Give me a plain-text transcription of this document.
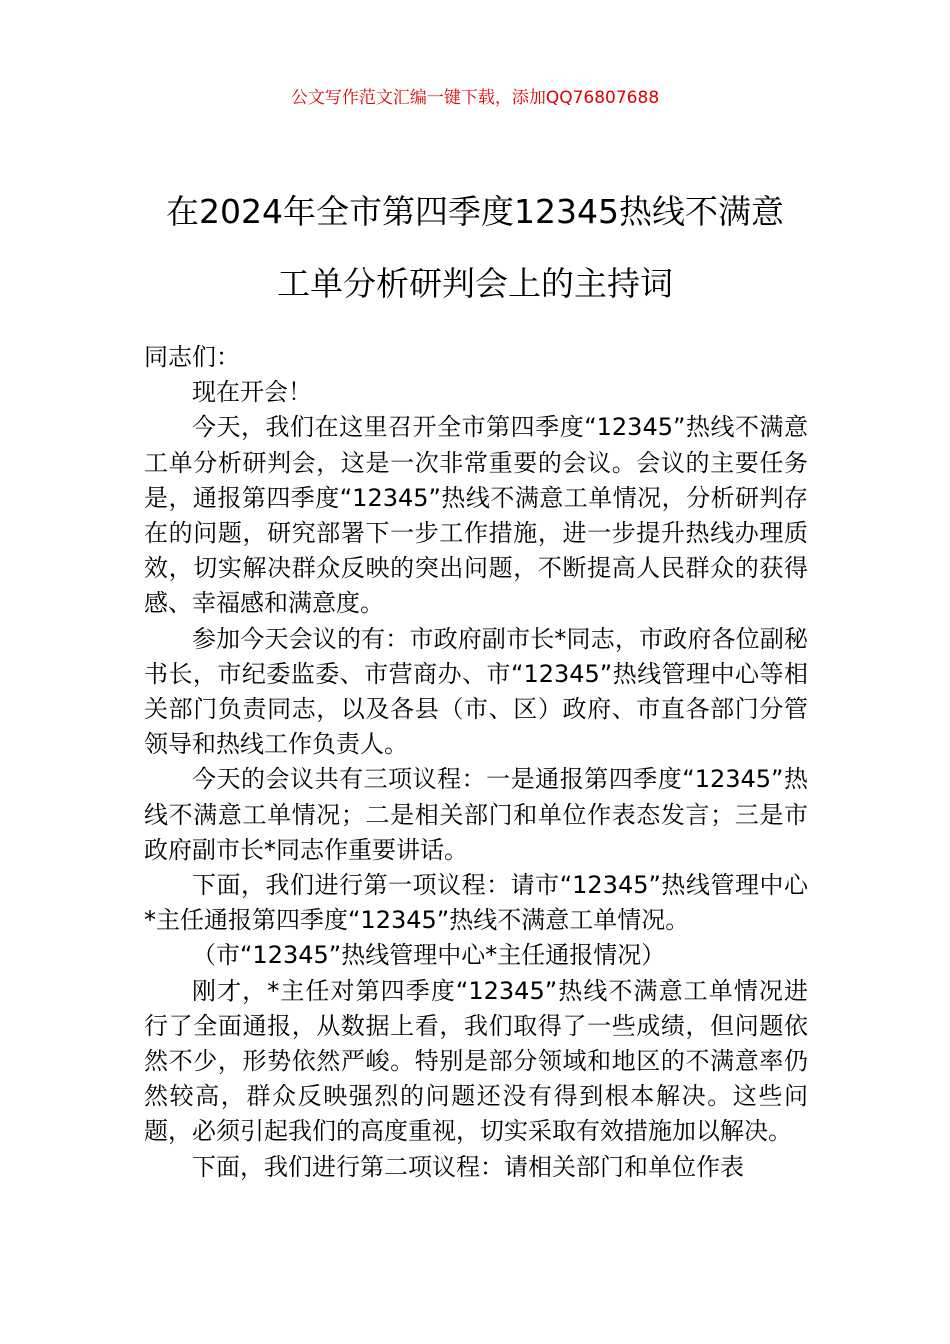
公文写作范文汇编一键下载，添加QQ76807688
在2024年全市第四季度12345热线不满意
工单分析研判会上的主持词

同志们：

现在开会！

今天，我们在这里召开全市第四季度“12345”热线不满意工单分析研判会，这是一次非常重要的会议。会议的主要任务是，通报第四季度“12345”热线不满意工单情况，分析研判存在的问题，研究部署下一步工作措施，进一步提升热线办理质效，切实解决群众反映的突出问题，不断提高人民群众的获得感、幸福感和满意度。

参加今天会议的有：市政府副市长*同志，市政府各位副秘书长，市纪委监委、市营商办、市“12345”热线管理中心等相关部门负责同志，以及各县（市、区）政府、市直各部门分管领导和热线工作负责人。

今天的会议共有三项议程：一是通报第四季度“12345”热线不满意工单情况；二是相关部门和单位作表态发言；三是市政府副市长*同志作重要讲话。

下面，我们进行第一项议程：请市“12345”热线管理中心*主任通报第四季度“12345”热线不满意工单情况。

（市“12345”热线管理中心*主任通报情况）

刚才，*主任对第四季度“12345”热线不满意工单情况进行了全面通报，从数据上看，我们取得了一些成绩，但问题依然不少，形势依然严峻。特别是部分领域和地区的不满意率仍然较高，群众反映强烈的问题还没有得到根本解决。这些问题，必须引起我们的高度重视，切实采取有效措施加以解决。

下面，我们进行第二项议程：请相关部门和单位作表
